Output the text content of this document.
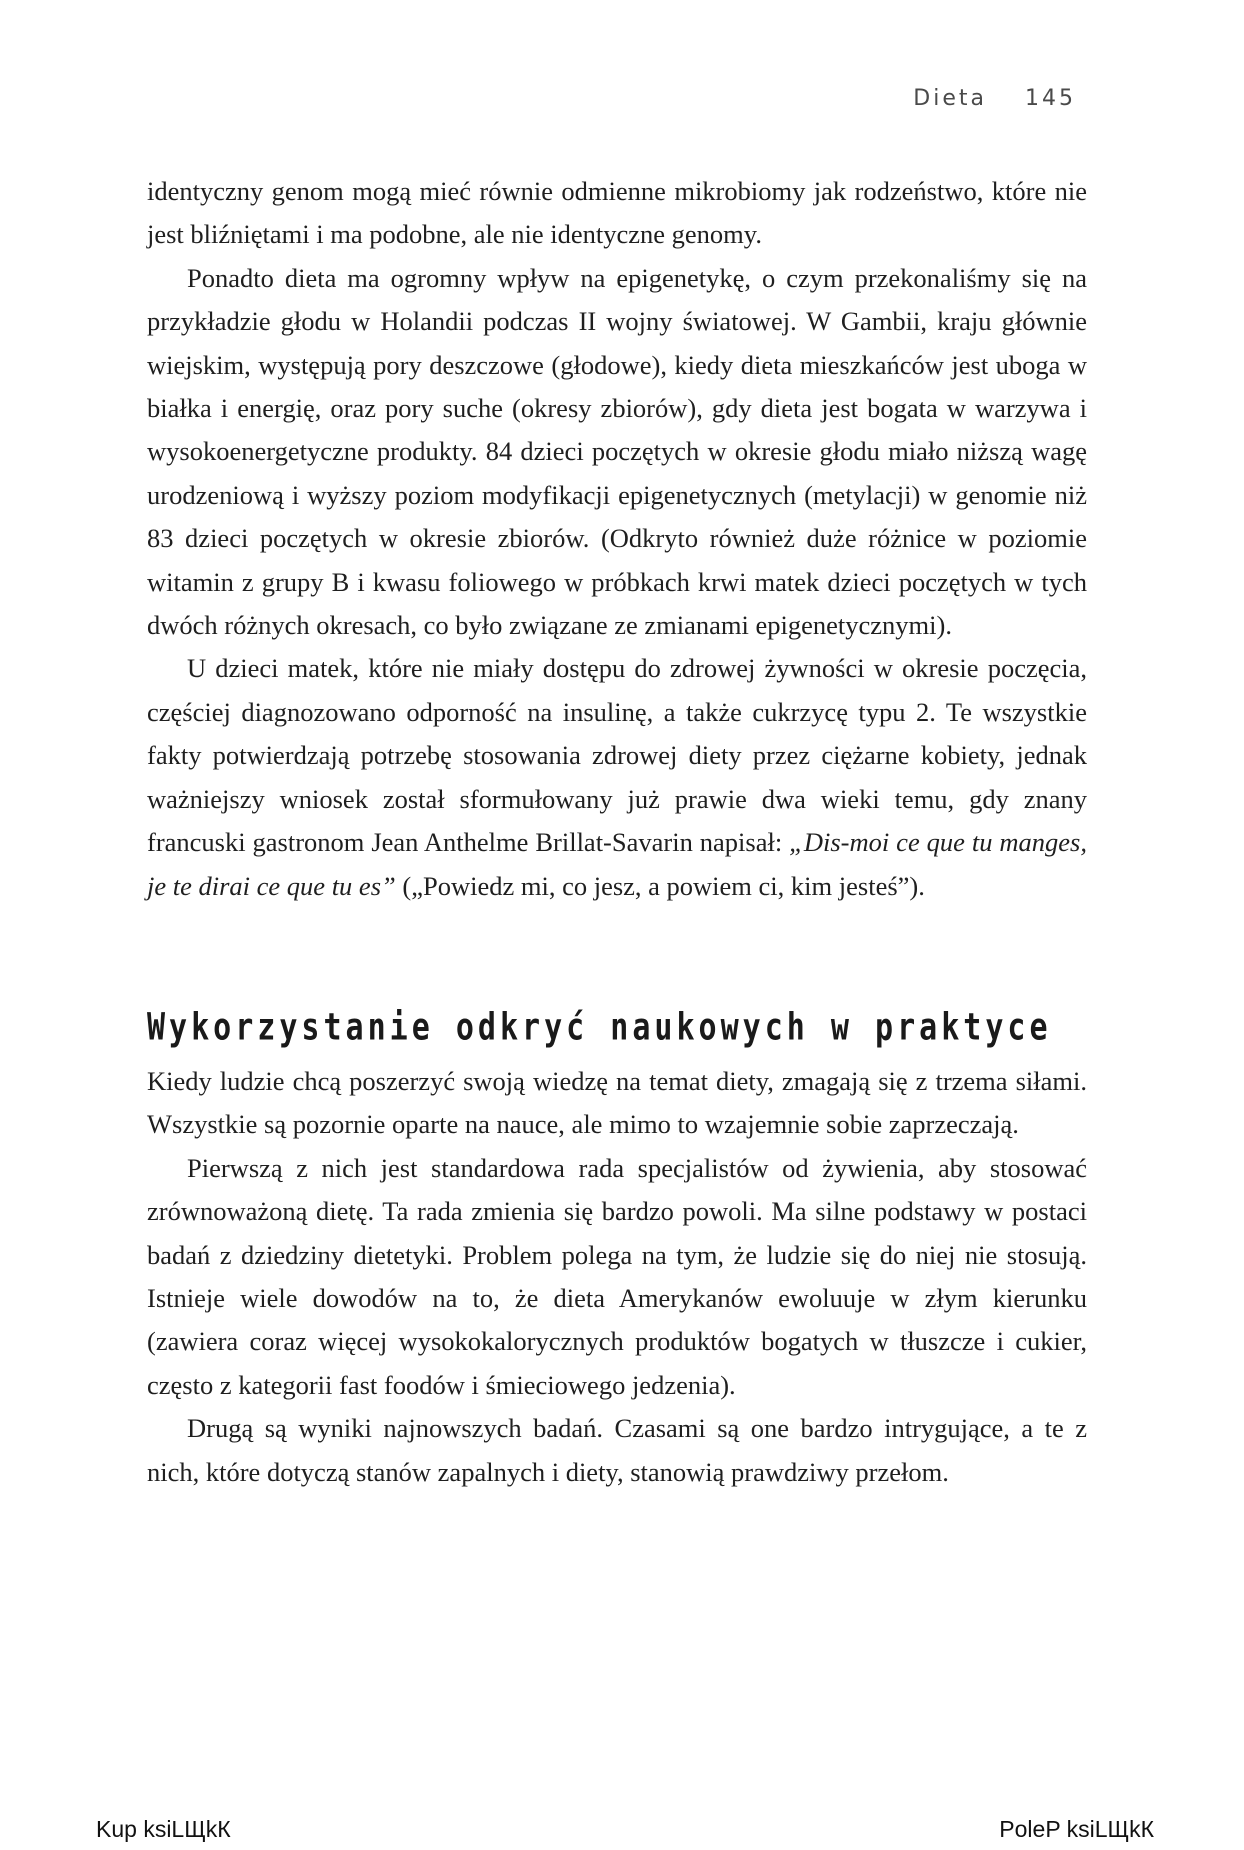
Dieta 145

identyczny genom mogą mieć równie odmienne mikrobiomy jak rodzeństwo, które nie jest bliźniętami i ma podobne, ale nie identyczne genomy.

Ponadto dieta ma ogromny wpływ na epigenetykę, o czym przekonaliśmy się na przykładzie głodu w Holandii podczas II wojny światowej. W Gambii, kraju głównie wiejskim, występują pory deszczowe (głodowe), kiedy dieta mieszkańców jest uboga w białka i energię, oraz pory suche (okresy zbiorów), gdy dieta jest bogata w warzywa i wysokoenergetyczne produkty. 84 dzieci poczętych w okresie głodu miało niższą wagę urodzeniową i wyższy poziom modyfikacji epigenetycznych (metylacji) w genomie niż 83 dzieci poczętych w okresie zbiorów. (Odkryto również duże różnice w poziomie witamin z grupy B i kwasu foliowego w próbkach krwi matek dzieci poczętych w tych dwóch różnych okresach, co było związane ze zmianami epigenetycznymi).

U dzieci matek, które nie miały dostępu do zdrowej żywności w okresie poczęcia, częściej diagnozowano odporność na insulinę, a także cukrzycę typu 2. Te wszystkie fakty potwierdzają potrzebę stosowania zdrowej diety przez ciężarne kobiety, jednak ważniejszy wniosek został sformułowany już prawie dwa wieki temu, gdy znany francuski gastronom Jean Anthelme Brillat-Savarin napisał: „Dis-moi ce que tu manges, je te dirai ce que tu es” („Powiedz mi, co jesz, a powiem ci, kim jesteś”).

Wykorzystanie odkryć naukowych w praktyce

Kiedy ludzie chcą poszerzyć swoją wiedzę na temat diety, zmagają się z trzema siłami. Wszystkie są pozornie oparte na nauce, ale mimo to wzajemnie sobie zaprzeczają.

Pierwszą z nich jest standardowa rada specjalistów od żywienia, aby stosować zrównoważoną dietę. Ta rada zmienia się bardzo powoli. Ma silne podstawy w postaci badań z dziedziny dietetyki. Problem polega na tym, że ludzie się do niej nie stosują. Istnieje wiele dowodów na to, że dieta Amerykanów ewoluuje w złym kierunku (zawiera coraz więcej wysokokalorycznych produktów bogatych w tłuszcze i cukier, często z kategorii fast foodów i śmieciowego jedzenia).

Drugą są wyniki najnowszych badań. Czasami są one bardzo intrygujące, a te z nich, które dotyczą stanów zapalnych i diety, stanowią prawdziwy przełom.

Kup ksiLЩkК	PoleP ksiLЩkК
